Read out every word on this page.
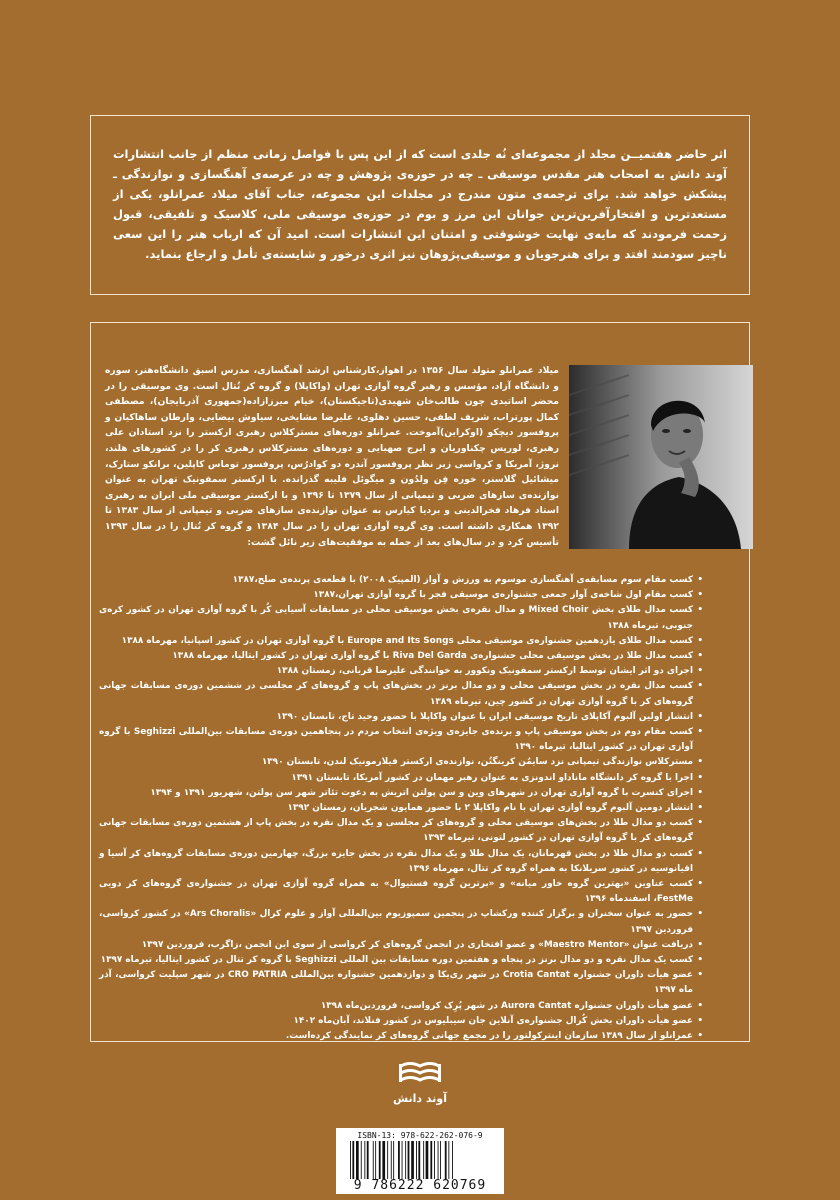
اثر حاضر هفتمیــن مجلد از مجموعه‌ای نُه جلدی است که از این پس با فواصل زمانی منظم از جانب انتشارات آوند دانش به اصحاب هنر مقدس موسیقی ـ چه در حوزه‌ی پژوهش و چه در عرصه‌ی آهنگسازی و نوازندگی ـ پیشکش خواهد شد. برای ترجمه‌ی متون مندرج در مجلدات این مجموعه، جناب آقای میلاد عمرانلو، یکی از مستعدترین و افتخارآفرین‌ترین جوانان این مرز و بوم در حوزه‌ی موسیقی ملی، کلاسیک و تلفیقی، قبول زحمت فرمودند که مایه‌ی نهایت خوشوقتی و امتنان این انتشارات است. امید آن که ارباب هنر را این سعی ناچیز سودمند افتد و برای هنرجویان و موسیقی‌پژوهان نیز اثری درخور و شایسته‌ی تأمل و ارجاع بنماید.

میلاد عمرانلو متولد سال ۱۳۵۶ در اهواز،کارشناس ارشد آهنگسازی، مدرس اسبق دانشگاه‌هنر، سوره و دانشگاه آزاد، مؤسس و رهبر گروه آوازی تهران (واکاپلا) و گروه کر تُتال است. وی موسیقی را در محضر اساتیدی چون طالب‌خان شهیدی(تاجیکستان)، خیام میرزازاده(جمهوری آذربایجان)، مصطفی کمال پورتراب، شریف لطفی، حسین دهلوی، علیرضا مشایخی، سیاوش بیضایی، وارطان ساهاکیان و پروفسور دیچکو (اوکراین)آموخت. عمرانلو دوره‌های مسترکلاس رهبری ارکستر را نزد استادان علی رهبری، لوریس چکناوریان و ایرج صهبایی و دوره‌های مسترکلاس رهبری کر را در کشورهای هلند، نروژ، آمریکا و کرواسی زیر نظر پروفسور آندره دو کوادرُس، پروفسور توماس کاپلین، برانکو ستارک، میشائیل گلاسنر، خوره فِن ولدُون و میگوئل فلیبه گذرانده. با ارکستر سمفونیک تهران به عنوان نوازنده‌ی سازهای ضربی و تیمپانی از سال ۱۳۷۹ تا ۱۳۹۶ و با ارکستر موسیقی ملی ایران به رهبری استاد فرهاد فخرالدینی و بردیا کیارس به عنوان نوازنده‌ی سازهای ضربی و تیمپانی از سال ۱۳۸۳ تا ۱۳۹۲ همکاری داشته است. وی گروه آوازی تهران را در سال ۱۳۸۴ و گروه کر تُتال را در سال ۱۳۹۳ تأسیس کرد و در سال‌های بعد از جمله به موفقیت‌های زیر نائل گشت:

• کسب مقام سوم مسابقه‌ی آهنگسازی موسوم به ورزش و آواز (المپیک ۲۰۰۸) با قطعه‌ی پرنده‌ی صلح،۱۳۸۷
• کسب مقام اول شاخه‌ی آواز جمعی جشنواره‌ی موسیقی فجر با گروه آوازی تهران،۱۳۸۷
• کسب مدال طلای بخش Mixed Choir و مدال نقره‌ی بخش موسیقی محلی در مسابقات آسیایی کُر با گروه آوازی تهران در کشور کره‌ی جنوبی، تیرماه ۱۳۸۸
• کسب مدال طلای یازدهمین جشنواره‌ی موسیقی محلی Europe and Its Songs با گروه آوازی تهران در کشور اسپانیا، مهرماه ۱۳۸۸
• کسب مدال طلا در بخش موسیقی محلی جشنواره‌ی Riva Del Garda با گروه آوازی تهران در کشور ایتالیا، مهرماه ۱۳۸۸
• اجرای دو اثر ایشان توسط ارکستر سمفونیک ونکوور به خوانندگی علیرضا قربانی، زمستان ۱۳۸۸
• کسب مدال نقره در بخش موسیقی محلی و دو مدال برنز در بخش‌های پاپ و گروه‌های کر مجلسی در ششمین دوره‌ی مسابقات جهانی گروه‌های کر با گروه آوازی تهران در کشور چین، تیرماه ۱۳۸۹
• انتشار اولین آلبوم آکاپلای تاریخ موسیقی ایران با عنوان واکاپلا با حضور وحید تاج، تابستان ۱۳۹۰
• کسب مقام دوم در بخش موسیقی پاپ و برنده‌ی جایزه‌ی ویژه‌ی انتخاب مردم در پنجاهمین دوره‌ی مسابقات بین‌المللی Seghizzi با گروه آوازی تهران در کشور ایتالیا، تیرماه ۱۳۹۰
• مسترکلاس نوازندگی تیمپانی نزد سایمُن کرینگتُن، نوازنده‌ی ارکستر فیلارمونیک لندن، تابستان ۱۳۹۰
• اجرا با گروه کر دانشگاه ماناداو اندونزی به عنوان رهبر مهمان در کشور آمریکا، تابستان ۱۳۹۱
• اجرای کنسرت با گروه آوازی تهران در شهرهای وین و سن پولتن اتریش به دعوت تئاتر شهر سن پولتن، شهریور ۱۳۹۱ و ۱۳۹۴
• انتشار دومین آلبوم گروه آوازی تهران با نام واکاپلا ۲ با حضور همایون شجریان، زمستان ۱۳۹۲
• کسب دو مدال طلا در بخش‌های موسیقی محلی و گروه‌های کر مجلسی و یک مدال نقره در بخش پاپ از هشتمین دوره‌ی مسابقات جهانی گروه‌های کر با گروه آوازی تهران در کشور لتونی، تیرماه ۱۳۹۳
• کسب دو مدال طلا در بخش قهرمانان، یک مدال طلا و یک مدال نقره در بخش جایزه بزرگ، چهارمین دوره‌ی مسابقات گروه‌های کر آسیا و اقیانوسیه در کشور سریلانکا به همراه گروه کر تتال، مهرماه ۱۳۹۶
• کسب عناوین «بهترین گروه خاور میانه» و «برترین گروه فستیوال» به همراه گروه آوازی تهران در جشنواره‌ی گروه‌های کر دوبی FestMe، اسفندماه ۱۳۹۶
• حضور به عنوان سخنران و برگزار کننده ورکشاپ در پنجمین سمپوزیوم بین‌المللی آواز و علوم کرال «Ars Choralis» در کشور کرواسی، فروردین ۱۳۹۷
• دریافت عنوان «Maestro Mentor» و عضو افتخاری در انجمن گروه‌های کر کرواسی از سوی این انجمن ،زاگرب، فروردین ۱۳۹۷
• کسب یک مدال نقره و دو مدال برنز در پنجاه و هفتمین دوره مسابقات بین المللی Seghizzi با گروه کر تتال در کشور ایتالیا، تیرماه ۱۳۹۷
• عضو هیأت داوران جشنواره Crotia Cantat در شهر ری‌یکا و دوازدهمین جشنواره بین‌المللی CRO PATRIA در شهر سپلیت کرواسی، آذر ماه ۱۳۹۷
• عضو هیأت داوران جشنواره Aurora Cantat در شهر پُرِک کرواسی، فروردین‌ماه ۱۳۹۸
• عضو هیأت داوران بخش کُرال جشنواره‌ی آنلاین جان سیبلیوس در کشور فنلاند، آبان‌ماه ۱۴۰۲
• عمرانلو از سال ۱۳۸۹ سازمان اینترکولتور را در مجمع جهانی گروه‌های کر نمایندگی کرده‌است.
آوند دانش
ISBN-13: 978-622-262-076-9
9 786222 620769
